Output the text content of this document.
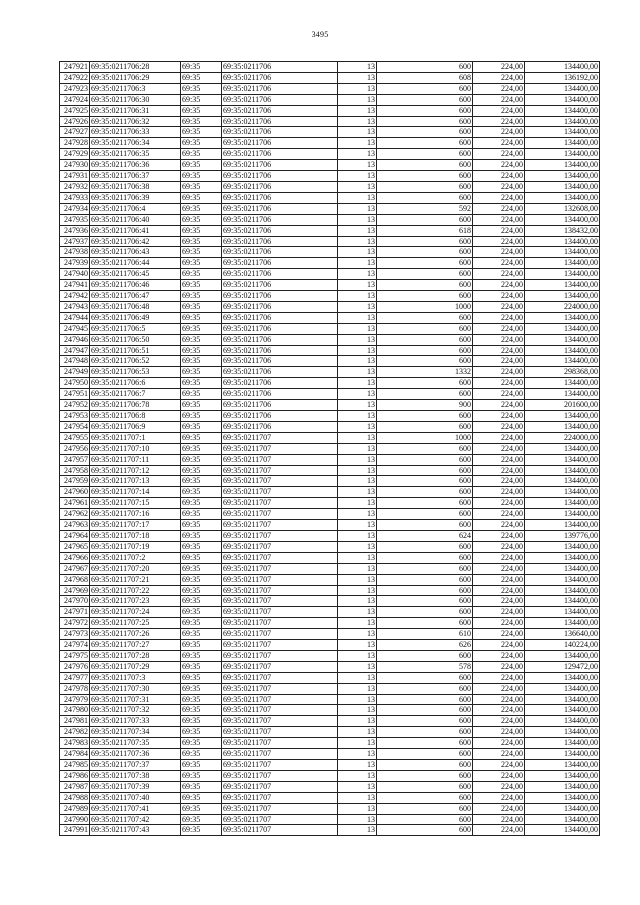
3495
247921	69:35:0211706:28	69:35	69:35:0211706	13	600	224,00	134400,00
247922	69:35:0211706:29	69:35	69:35:0211706	13	608	224,00	136192,00
247923	69:35:0211706:3	69:35	69:35:0211706	13	600	224,00	134400,00
247924	69:35:0211706:30	69:35	69:35:0211706	13	600	224,00	134400,00
247925	69:35:0211706:31	69:35	69:35:0211706	13	600	224,00	134400,00
247926	69:35:0211706:32	69:35	69:35:0211706	13	600	224,00	134400,00
247927	69:35:0211706:33	69:35	69:35:0211706	13	600	224,00	134400,00
247928	69:35:0211706:34	69:35	69:35:0211706	13	600	224,00	134400,00
247929	69:35:0211706:35	69:35	69:35:0211706	13	600	224,00	134400,00
247930	69:35:0211706:36	69:35	69:35:0211706	13	600	224,00	134400,00
247931	69:35:0211706:37	69:35	69:35:0211706	13	600	224,00	134400,00
247932	69:35:0211706:38	69:35	69:35:0211706	13	600	224,00	134400,00
247933	69:35:0211706:39	69:35	69:35:0211706	13	600	224,00	134400,00
247934	69:35:0211706:4	69:35	69:35:0211706	13	592	224,00	132608,00
247935	69:35:0211706:40	69:35	69:35:0211706	13	600	224,00	134400,00
247936	69:35:0211706:41	69:35	69:35:0211706	13	618	224,00	138432,00
247937	69:35:0211706:42	69:35	69:35:0211706	13	600	224,00	134400,00
247938	69:35:0211706:43	69:35	69:35:0211706	13	600	224,00	134400,00
247939	69:35:0211706:44	69:35	69:35:0211706	13	600	224,00	134400,00
247940	69:35:0211706:45	69:35	69:35:0211706	13	600	224,00	134400,00
247941	69:35:0211706:46	69:35	69:35:0211706	13	600	224,00	134400,00
247942	69:35:0211706:47	69:35	69:35:0211706	13	600	224,00	134400,00
247943	69:35:0211706:48	69:35	69:35:0211706	13	1000	224,00	224000,00
247944	69:35:0211706:49	69:35	69:35:0211706	13	600	224,00	134400,00
247945	69:35:0211706:5	69:35	69:35:0211706	13	600	224,00	134400,00
247946	69:35:0211706:50	69:35	69:35:0211706	13	600	224,00	134400,00
247947	69:35:0211706:51	69:35	69:35:0211706	13	600	224,00	134400,00
247948	69:35:0211706:52	69:35	69:35:0211706	13	600	224,00	134400,00
247949	69:35:0211706:53	69:35	69:35:0211706	13	1332	224,00	298368,00
247950	69:35:0211706:6	69:35	69:35:0211706	13	600	224,00	134400,00
247951	69:35:0211706:7	69:35	69:35:0211706	13	600	224,00	134400,00
247952	69:35:0211706:78	69:35	69:35:0211706	13	900	224,00	201600,00
247953	69:35:0211706:8	69:35	69:35:0211706	13	600	224,00	134400,00
247954	69:35:0211706:9	69:35	69:35:0211706	13	600	224,00	134400,00
247955	69:35:0211707:1	69:35	69:35:0211707	13	1000	224,00	224000,00
247956	69:35:0211707:10	69:35	69:35:0211707	13	600	224,00	134400,00
247957	69:35:0211707:11	69:35	69:35:0211707	13	600	224,00	134400,00
247958	69:35:0211707:12	69:35	69:35:0211707	13	600	224,00	134400,00
247959	69:35:0211707:13	69:35	69:35:0211707	13	600	224,00	134400,00
247960	69:35:0211707:14	69:35	69:35:0211707	13	600	224,00	134400,00
247961	69:35:0211707:15	69:35	69:35:0211707	13	600	224,00	134400,00
247962	69:35:0211707:16	69:35	69:35:0211707	13	600	224,00	134400,00
247963	69:35:0211707:17	69:35	69:35:0211707	13	600	224,00	134400,00
247964	69:35:0211707:18	69:35	69:35:0211707	13	624	224,00	139776,00
247965	69:35:0211707:19	69:35	69:35:0211707	13	600	224,00	134400,00
247966	69:35:0211707:2	69:35	69:35:0211707	13	600	224,00	134400,00
247967	69:35:0211707:20	69:35	69:35:0211707	13	600	224,00	134400,00
247968	69:35:0211707:21	69:35	69:35:0211707	13	600	224,00	134400,00
247969	69:35:0211707:22	69:35	69:35:0211707	13	600	224,00	134400,00
247970	69:35:0211707:23	69:35	69:35:0211707	13	600	224,00	134400,00
247971	69:35:0211707:24	69:35	69:35:0211707	13	600	224,00	134400,00
247972	69:35:0211707:25	69:35	69:35:0211707	13	600	224,00	134400,00
247973	69:35:0211707:26	69:35	69:35:0211707	13	610	224,00	136640,00
247974	69:35:0211707:27	69:35	69:35:0211707	13	626	224,00	140224,00
247975	69:35:0211707:28	69:35	69:35:0211707	13	600	224,00	134400,00
247976	69:35:0211707:29	69:35	69:35:0211707	13	578	224,00	129472,00
247977	69:35:0211707:3	69:35	69:35:0211707	13	600	224,00	134400,00
247978	69:35:0211707:30	69:35	69:35:0211707	13	600	224,00	134400,00
247979	69:35:0211707:31	69:35	69:35:0211707	13	600	224,00	134400,00
247980	69:35:0211707:32	69:35	69:35:0211707	13	600	224,00	134400,00
247981	69:35:0211707:33	69:35	69:35:0211707	13	600	224,00	134400,00
247982	69:35:0211707:34	69:35	69:35:0211707	13	600	224,00	134400,00
247983	69:35:0211707:35	69:35	69:35:0211707	13	600	224,00	134400,00
247984	69:35:0211707:36	69:35	69:35:0211707	13	600	224,00	134400,00
247985	69:35:0211707:37	69:35	69:35:0211707	13	600	224,00	134400,00
247986	69:35:0211707:38	69:35	69:35:0211707	13	600	224,00	134400,00
247987	69:35:0211707:39	69:35	69:35:0211707	13	600	224,00	134400,00
247988	69:35:0211707:40	69:35	69:35:0211707	13	600	224,00	134400,00
247989	69:35:0211707:41	69:35	69:35:0211707	13	600	224,00	134400,00
247990	69:35:0211707:42	69:35	69:35:0211707	13	600	224,00	134400,00
247991	69:35:0211707:43	69:35	69:35:0211707	13	600	224,00	134400,00
